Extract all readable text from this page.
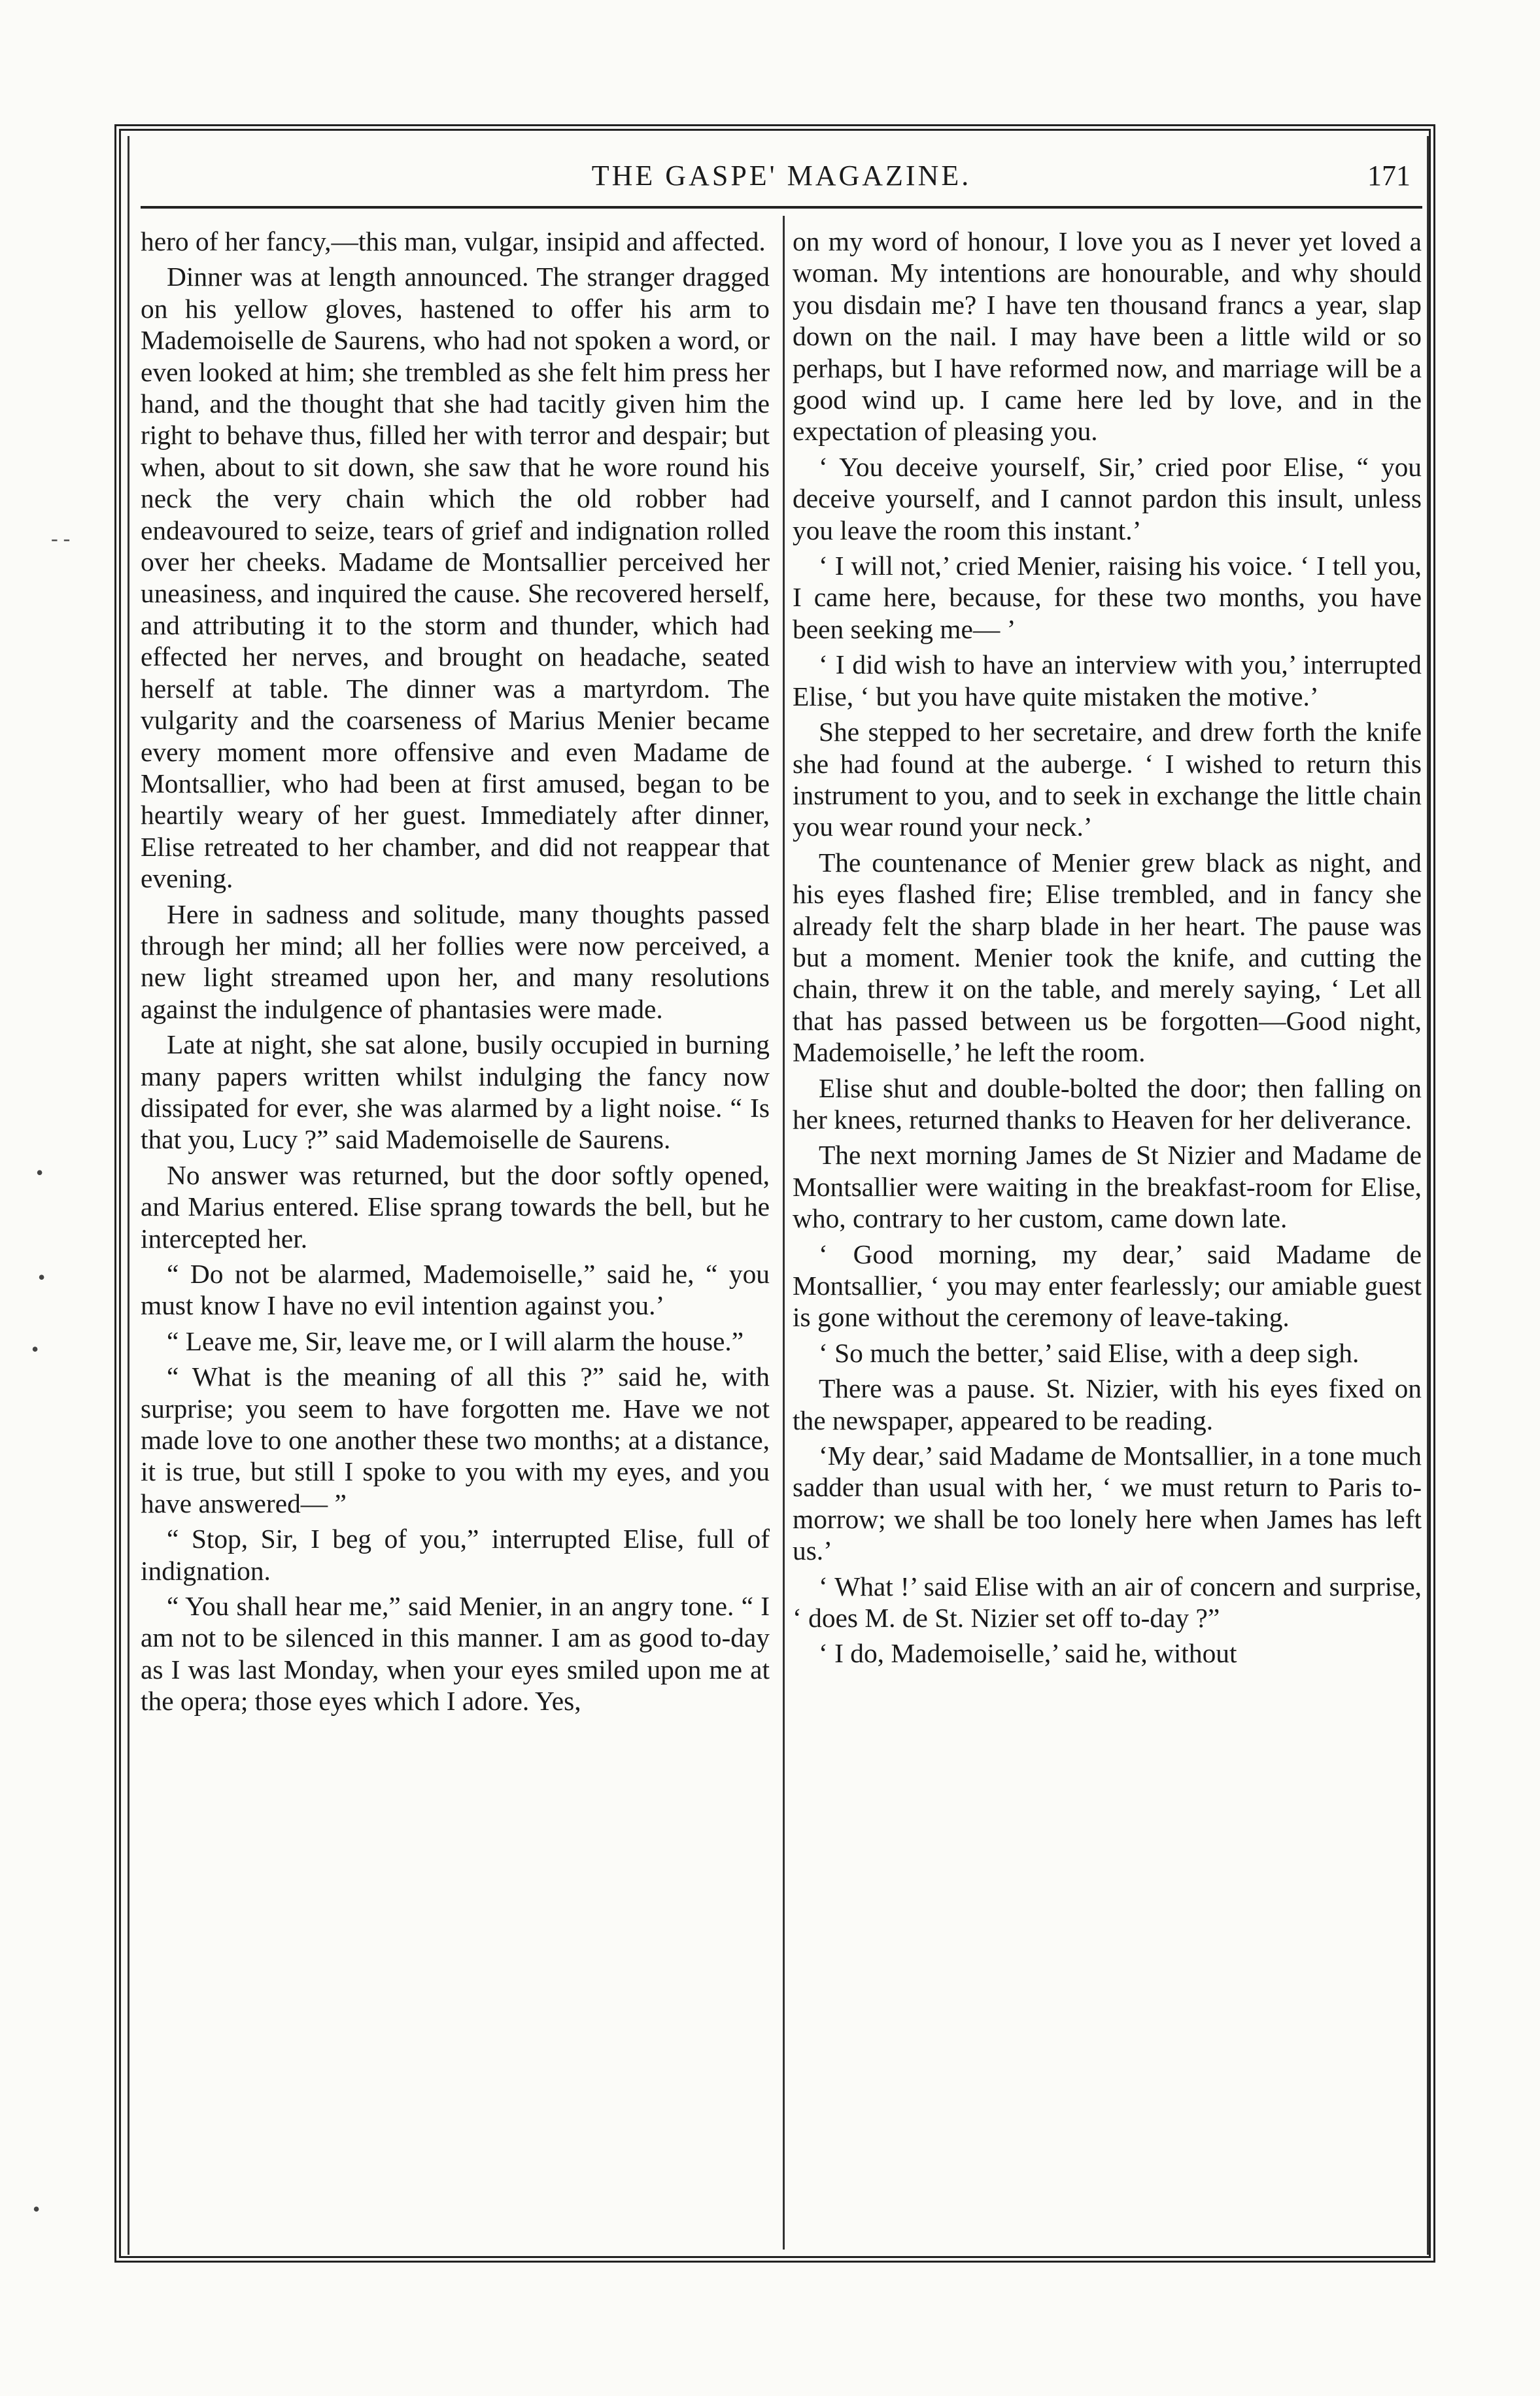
THE GASPE' MAGAZINE.	171

hero of her fancy,—this man, vulgar, insipid and affected.

Dinner was at length announced. The stranger dragged on his yellow gloves, hastened to offer his arm to Mademoiselle de Saurens, who had not spoken a word, or even looked at him; she trembled as she felt him press her hand, and the thought that she had tacitly given him the right to behave thus, filled her with terror and despair; but when, about to sit down, she saw that he wore round his neck the very chain which the old robber had endeavoured to seize, tears of grief and indignation rolled over her cheeks. Madame de Montsallier perceived her uneasiness, and inquired the cause. She recovered herself, and attributing it to the storm and thunder, which had effected her nerves, and brought on headache, seated herself at table. The dinner was a martyrdom. The vulgarity and the coarseness of Marius Menier became every moment more offensive and even Madame de Montsallier, who had been at first amused, began to be heartily weary of her guest. Immediately after dinner, Elise retreated to her chamber, and did not reappear that evening.

Here in sadness and solitude, many thoughts passed through her mind; all her follies were now perceived, a new light streamed upon her, and many resolutions against the indulgence of phantasies were made.

Late at night, she sat alone, busily occupied in burning many papers written whilst indulging the fancy now dissipated for ever, she was alarmed by a light noise. “ Is that you, Lucy ?” said Mademoiselle de Saurens.

No answer was returned, but the door softly opened, and Marius entered. Elise sprang towards the bell, but he intercepted her.

“ Do not be alarmed, Mademoiselle,” said he, “ you must know I have no evil intention against you.’

“ Leave me, Sir, leave me, or I will alarm the house.”

“ What is the meaning of all this ?” said he, with surprise; you seem to have forgotten me. Have we not made love to one another these two months; at a distance, it is true, but still I spoke to you with my eyes, and you have answered— ”

“ Stop, Sir, I beg of you,” interrupted Elise, full of indignation.

“ You shall hear me,” said Menier, in an angry tone. “ I am not to be silenced in this manner. I am as good to-day as I was last Monday, when your eyes smiled upon me at the opera; those eyes which I adore. Yes,

on my word of honour, I love you as I never yet loved a woman. My intentions are honourable, and why should you disdain me? I have ten thousand francs a year, slap down on the nail. I may have been a little wild or so perhaps, but I have reformed now, and marriage will be a good wind up. I came here led by love, and in the expectation of pleasing you.

‘ You deceive yourself, Sir,’ cried poor Elise, “ you deceive yourself, and I cannot pardon this insult, unless you leave the room this instant.’

‘ I will not,’ cried Menier, raising his voice. ‘ I tell you, I came here, because, for these two months, you have been seeking me— ’

‘ I did wish to have an interview with you,’ interrupted Elise, ‘ but you have quite mistaken the motive.’

She stepped to her secretaire, and drew forth the knife she had found at the auberge. ‘ I wished to return this instrument to you, and to seek in exchange the little chain you wear round your neck.’

The countenance of Menier grew black as night, and his eyes flashed fire; Elise trembled, and in fancy she already felt the sharp blade in her heart. The pause was but a moment. Menier took the knife, and cutting the chain, threw it on the table, and merely saying, ‘ Let all that has passed between us be forgotten—Good night, Mademoiselle,’ he left the room.

Elise shut and double-bolted the door; then falling on her knees, returned thanks to Heaven for her deliverance.

The next morning James de St Nizier and Madame de Montsallier were waiting in the breakfast-room for Elise, who, contrary to her custom, came down late.

‘ Good morning, my dear,’ said Madame de Montsallier, ‘ you may enter fearlessly; our amiable guest is gone without the ceremony of leave-taking.

‘ So much the better,’ said Elise, with a deep sigh.

There was a pause. St. Nizier, with his eyes fixed on the newspaper, appeared to be reading.

‘My dear,’ said Madame de Montsallier, in a tone much sadder than usual with her, ‘ we must return to Paris to-morrow; we shall be too lonely here when James has left us.’

‘ What !’ said Elise with an air of concern and surprise, ‘ does M. de St. Nizier set off to-day ?”

‘ I do, Mademoiselle,’ said he, without

- -
•
•
•
•
